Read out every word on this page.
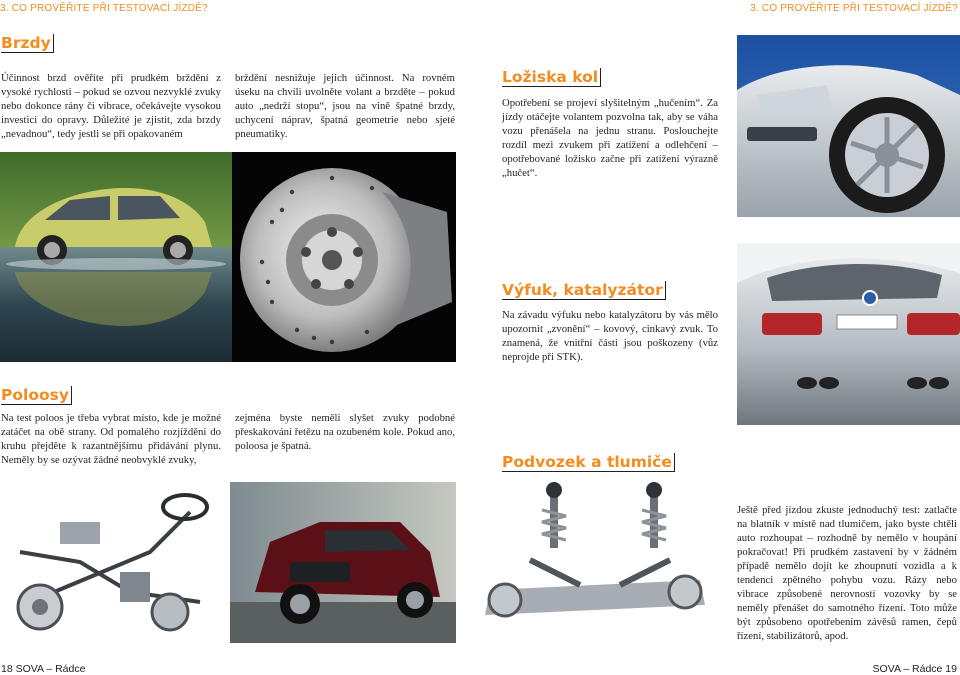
3. CO PROVĚŘITE PŘI TESTOVACÍ JÍZDĚ?	3. CO PROVĚŘITE PŘI TESTOVACÍ JÍZDĚ?
Brzdy
Účinnost brzd ověříte při prudkém brždění z vysoké rychlosti – pokud se ozvou nezvyklé zvuky nebo dokonce rány či vibrace, očekávejte vysokou investici do opravy. Důležité je zjistit, zda brzdy „nevadnou“, tedy jestli se při opakovaném
brždění nesnižuje jejich účinnost. Na rovném úseku na chvíli uvolněte volant a brzděte – pokud auto „nedrží stopu“, jsou na vině špatné brzdy, uchycení náprav, špatná geometrie nebo sjeté pneumatiky.
Ložiska kol
Opotřebení se projeví slyšitelným „hučením“. Za jízdy otáčejte volantem pozvolna tak, aby se váha vozu přenášela na jednu stranu. Poslouchejte rozdíl mezi zvukem při zatížení a odlehčení – opotřebované ložisko začne při zatížení výrazně „hučet“.
Výfuk, katalyzátor
Na závadu výfuku nebo katalyzátoru by vás mělo upozornit „zvonění“ – kovový, cinkavý zvuk. To znamená, že vnitřní části jsou poškozeny (vůz neprojde při STK).
Poloosy
Na test poloos je třeba vybrat místo, kde je možné zatáčet na obě strany. Od pomalého rozjíždění do kruhu přejděte k razantnějšímu přidávání plynu. Neměly by se ozývat žádné neobvyklé zvuky,
zejména byste neměli slyšet zvuky podobné přeskakování řetězu na ozubeném kole. Pokud ano, poloosa je špatná.
Podvozek a tlumiče
Ještě před jízdou zkuste jednoduchý test: zatlačte na blatník v místě nad tlumičem, jako byste chtěli auto rozhoupat – rozhodně by nemělo v houpání pokračovat! Při prudkém zastavení by v žádném případě nemělo dojít ke zhoupnutí vozidla a k tendenci zpětného pohybu vozu. Rázy nebo vibrace způsobené nerovností vozovky by se neměly přenášet do samotného řízení. Toto může být způsobeno opotřebením závěsů ramen, čepů řízení, stabilizátorů, apod.
18 SOVA – Rádce	SOVA – Rádce 19
